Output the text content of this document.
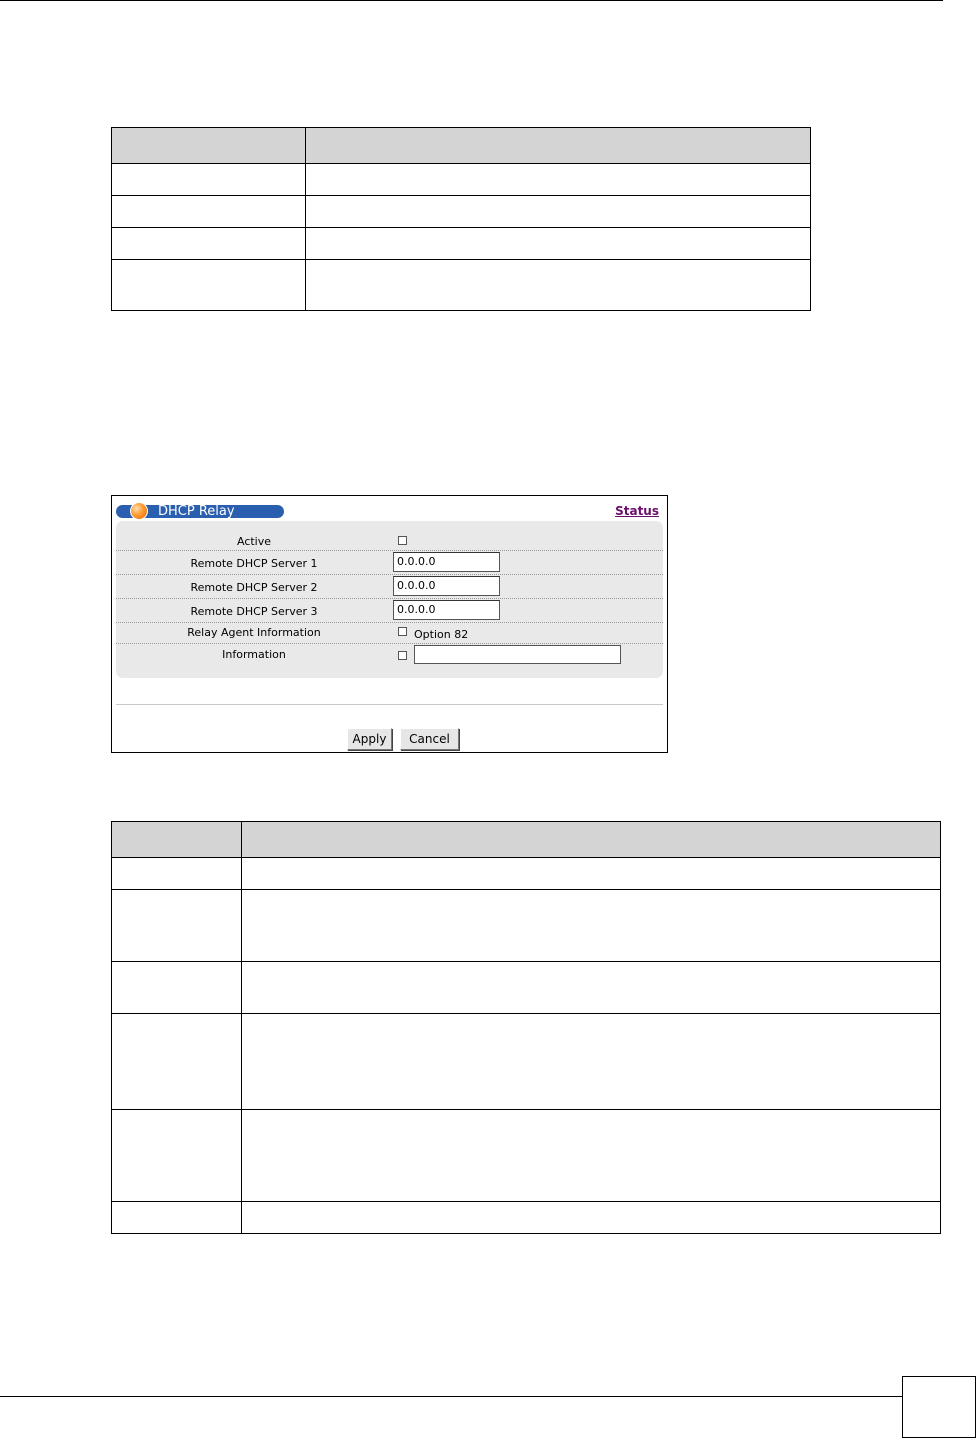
DHCP Relay	Status
Active
Remote DHCP Server 1	0.0.0.0
Remote DHCP Server 2	0.0.0.0
Remote DHCP Server 3	0.0.0.0
Relay Agent Information	Option 82
Information
Apply	Cancel
